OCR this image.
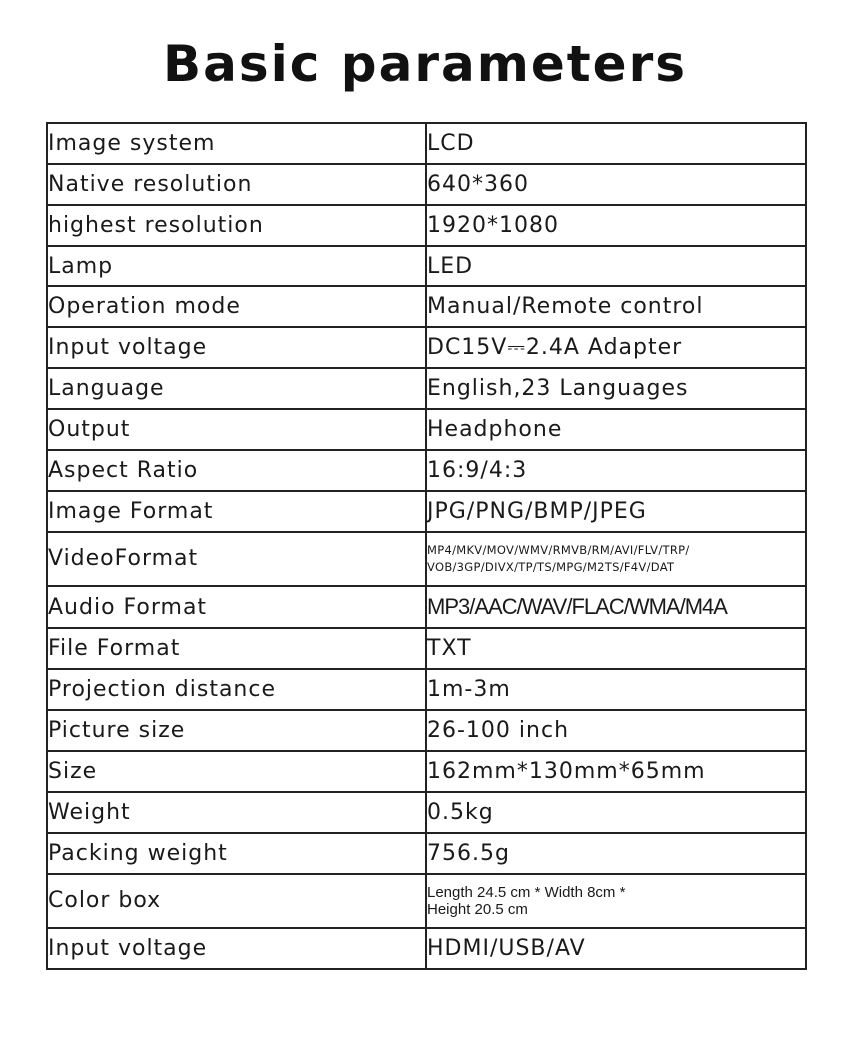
Basic parameters
Image system	LCD
Native resolution	640*360
highest resolution	1920*1080
Lamp	LED
Operation mode	Manual/Remote control
Input voltage	DC15V⎓2.4A Adapter
Language	English,23 Languages
Output	Headphone
Aspect Ratio	16:9/4:3
Image Format	JPG/PNG/BMP/JPEG
VideoFormat	MP4/MKV/MOV/WMV/RMVB/RM/AVI/FLV/TRP/
VOB/3GP/DIVX/TP/TS/MPG/M2TS/F4V/DAT

Audio Format	MP3/AAC/WAV/FLAC/WMA/M4A
File Format	TXT
Projection distance	1m-3m
Picture size	26-100 inch
Size	162mm*130mm*65mm
Weight	0.5kg
Packing weight	756.5g
Color box	Length 24.5 cm * Width 8cm *
Height 20.5 cm

Input voltage	HDMI/USB/AV
